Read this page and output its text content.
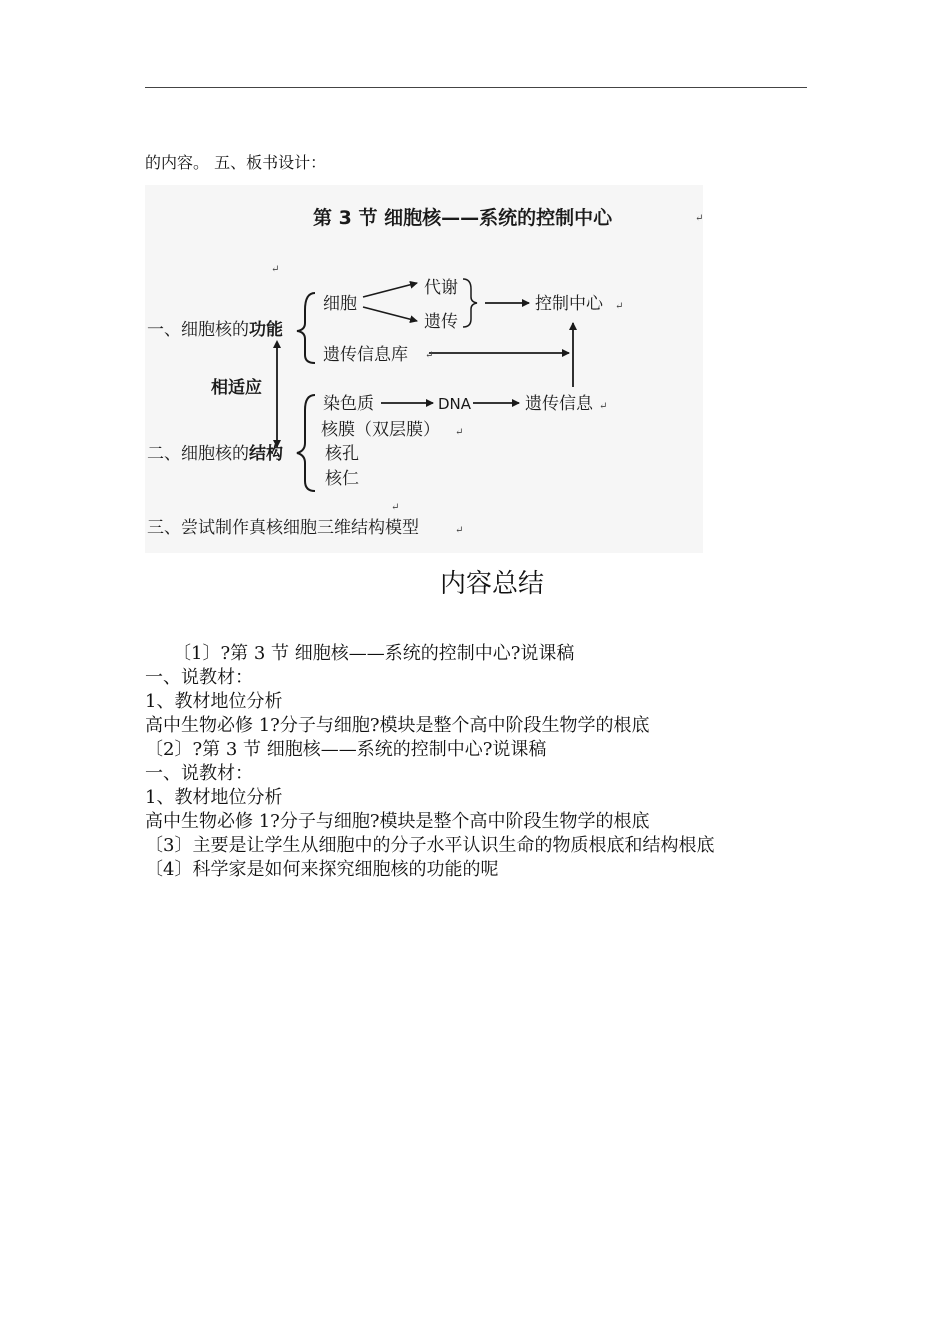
的内容。 五、板书设计：
第 3 节 细胞核——系统的控制中心
一、细胞核的功能
细胞
代谢
遗传
控制中心
遗传信息库
相适应
二、细胞核的结构
染色质	DNA	遗传信息
核膜（双层膜）
核孔
核仁
三、尝试制作真核细胞三维结构模型
↵
↵
↵
↵
↵
↵
↵
↵
内容总结
〔1〕?第 3 节 细胞核——系统的控制中心?说课稿
一、说教材：
1、教材地位分析
高中生物必修 1?分子与细胞?模块是整个高中阶段生物学的根底
〔2〕?第 3 节 细胞核——系统的控制中心?说课稿
一、说教材：
1、教材地位分析
高中生物必修 1?分子与细胞?模块是整个高中阶段生物学的根底
〔3〕主要是让学生从细胞中的分子水平认识生命的物质根底和结构根底
〔4〕科学家是如何来探究细胞核的功能的呢
